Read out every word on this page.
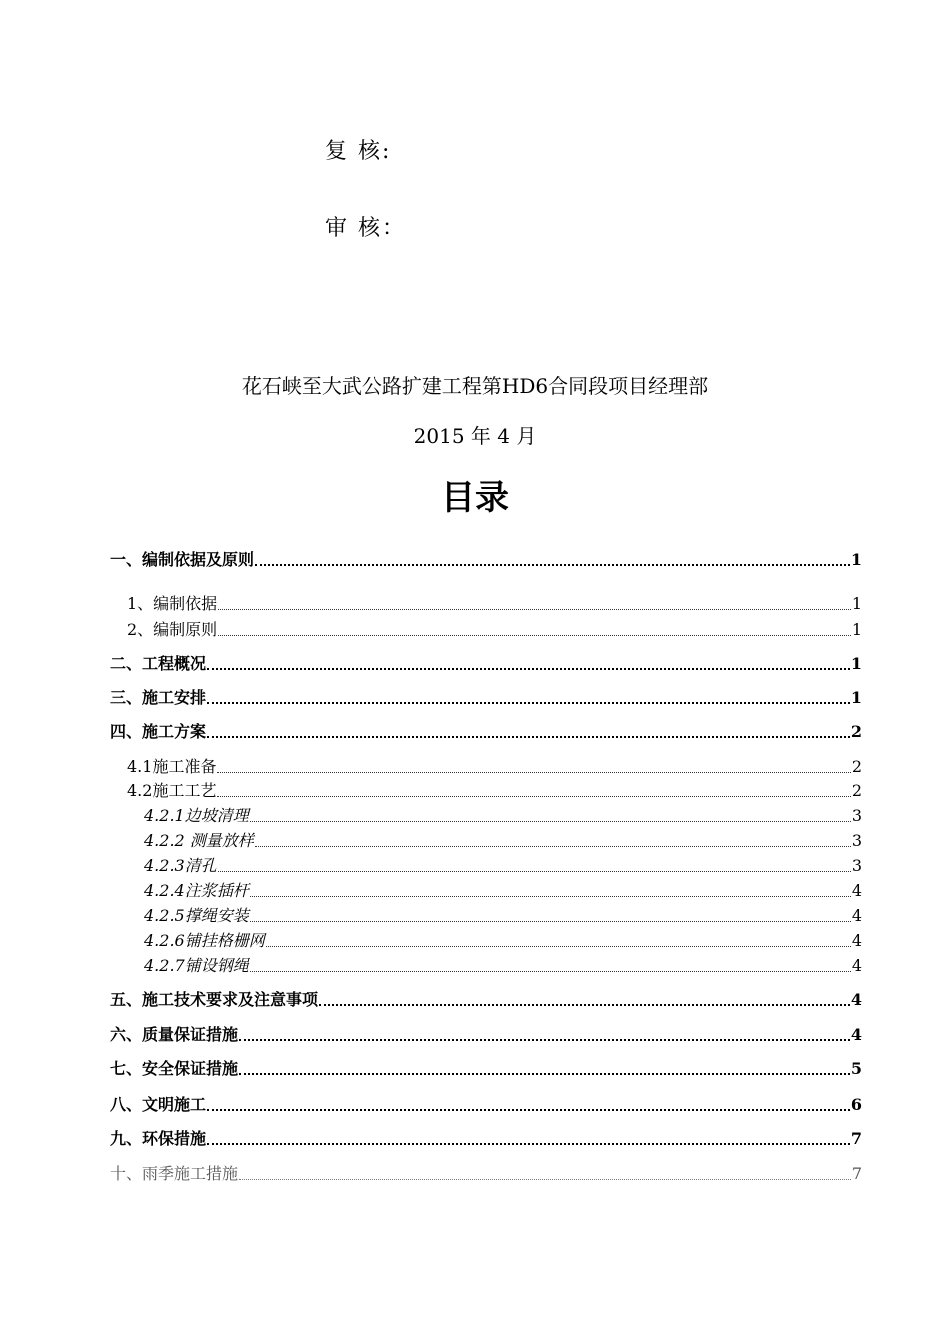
复 核:
审 核：
花石峡至大武公路扩建工程第HD6合同段项目经理部
2015 年 4 月
目录
一、编制依据及原则	1
1、编制依据	1
2、编制原则	1
二、工程概况	1
三、施工安排	1
四、施工方案	2
4.1施工准备	2
4.2施工工艺	2
4.2.1边坡清理	3
4.2.2 测量放样	3
4.2.3清孔	3
4.2.4注浆插杆	4
4.2.5撑绳安装	4
4.2.6铺挂格栅网	4
4.2.7铺设钢绳	4
五、施工技术要求及注意事项	4
六、质量保证措施	4
七、安全保证措施	5
八、文明施工	6
九、环保措施	7
十、雨季施工措施	7
